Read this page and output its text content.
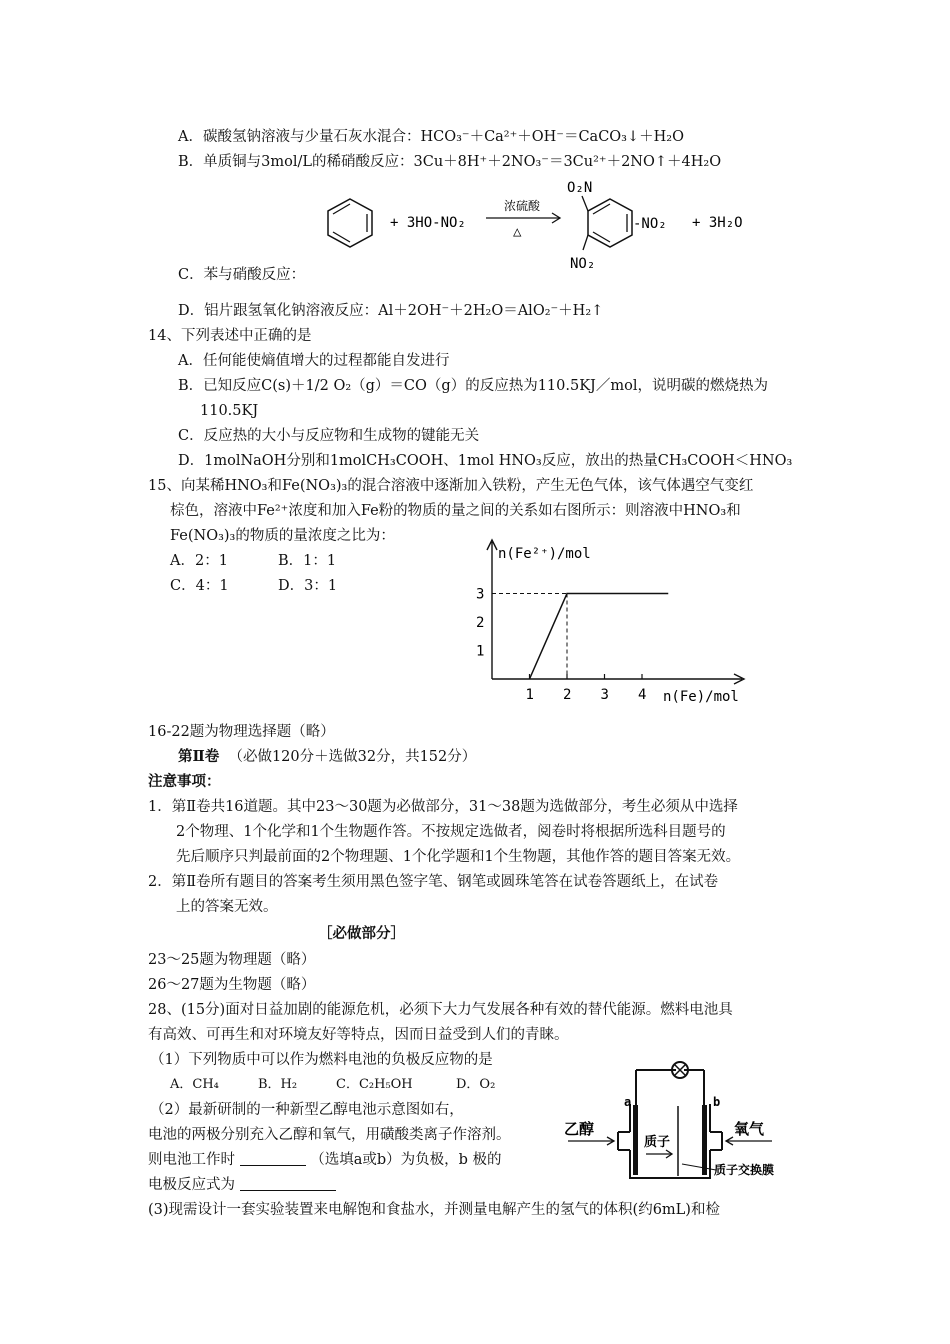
A．碳酸氢钠溶液与少量石灰水混合：HCO₃⁻＋Ca²⁺＋OH⁻＝CaCO₃↓＋H₂O
B．单质铜与3mol/L的稀硝酸反应：3Cu＋8H⁺＋2NO₃⁻＝3Cu²⁺＋2NO↑＋4H₂O
+ 3HO-NO₂
浓硫酸
△
O₂N
-NO₂
NO₂
+ 3H₂O
C．苯与硝酸反应：
D．铝片跟氢氧化钠溶液反应：Al＋2OH⁻＋2H₂O＝AlO₂⁻＋H₂↑
14、下列表述中正确的是
A．任何能使熵值增大的过程都能自发进行
B．已知反应C(s)＋1/2 O₂（g）＝CO（g）的反应热为110.5KJ／mol，说明碳的燃烧热为
110.5KJ
C．反应热的大小与反应物和生成物的键能无关
D．1molNaOH分别和1molCH₃COOH、1mol HNO₃反应，放出的热量CH₃COOH＜HNO₃
15、向某稀HNO₃和Fe(NO₃)₃的混合溶液中逐渐加入铁粉，产生无色气体，该气体遇空气变红
棕色，溶液中Fe²⁺浓度和加入Fe粉的物质的量之间的关系如右图所示：则溶液中HNO₃和
Fe(NO₃)₃的物质的量浓度之比为：
A．2：1	B．1：1
C．4：1	D．3：1
n(Fe²⁺)/mol
n(Fe)/mol
1 2 3 4
1
2
3
16-22题为物理选择题（略）
第Ⅱ卷 （必做120分＋选做32分，共152分）
注意事项：
1．第Ⅱ卷共16道题。其中23～30题为必做部分，31～38题为选做部分，考生必须从中选择
2个物理、1个化学和1个生物题作答。不按规定选做者，阅卷时将根据所选科目题号的
先后顺序只判最前面的2个物理题、1个化学题和1个生物题，其他作答的题目答案无效。
2．第Ⅱ卷所有题目的答案考生须用黑色签字笔、钢笔或圆珠笔答在试卷答题纸上，在试卷
上的答案无效。
［必做部分］
23～25题为物理题（略）
26～27题为生物题（略）
28、(15分)面对日益加剧的能源危机，必须下大力气发展各种有效的替代能源。燃料电池具
有高效、可再生和对环境友好等特点，因而日益受到人们的青睐。
（1）下列物质中可以作为燃料电池的负极反应物的是
A．CH₄	B．H₂	C．C₂H₅OH	D．O₂
（2）最新研制的一种新型乙醇电池示意图如右，
电池的两极分别充入乙醇和氧气，用磺酸类离子作溶剂。
则电池工作时	（选填a或b）为负极，b 极的
电极反应式为
(3)现需设计一套实验装置来电解饱和食盐水，并测量电解产生的氢气的体积(约6mL)和检
a	b
乙醇	氧气
质子
质子交换膜
